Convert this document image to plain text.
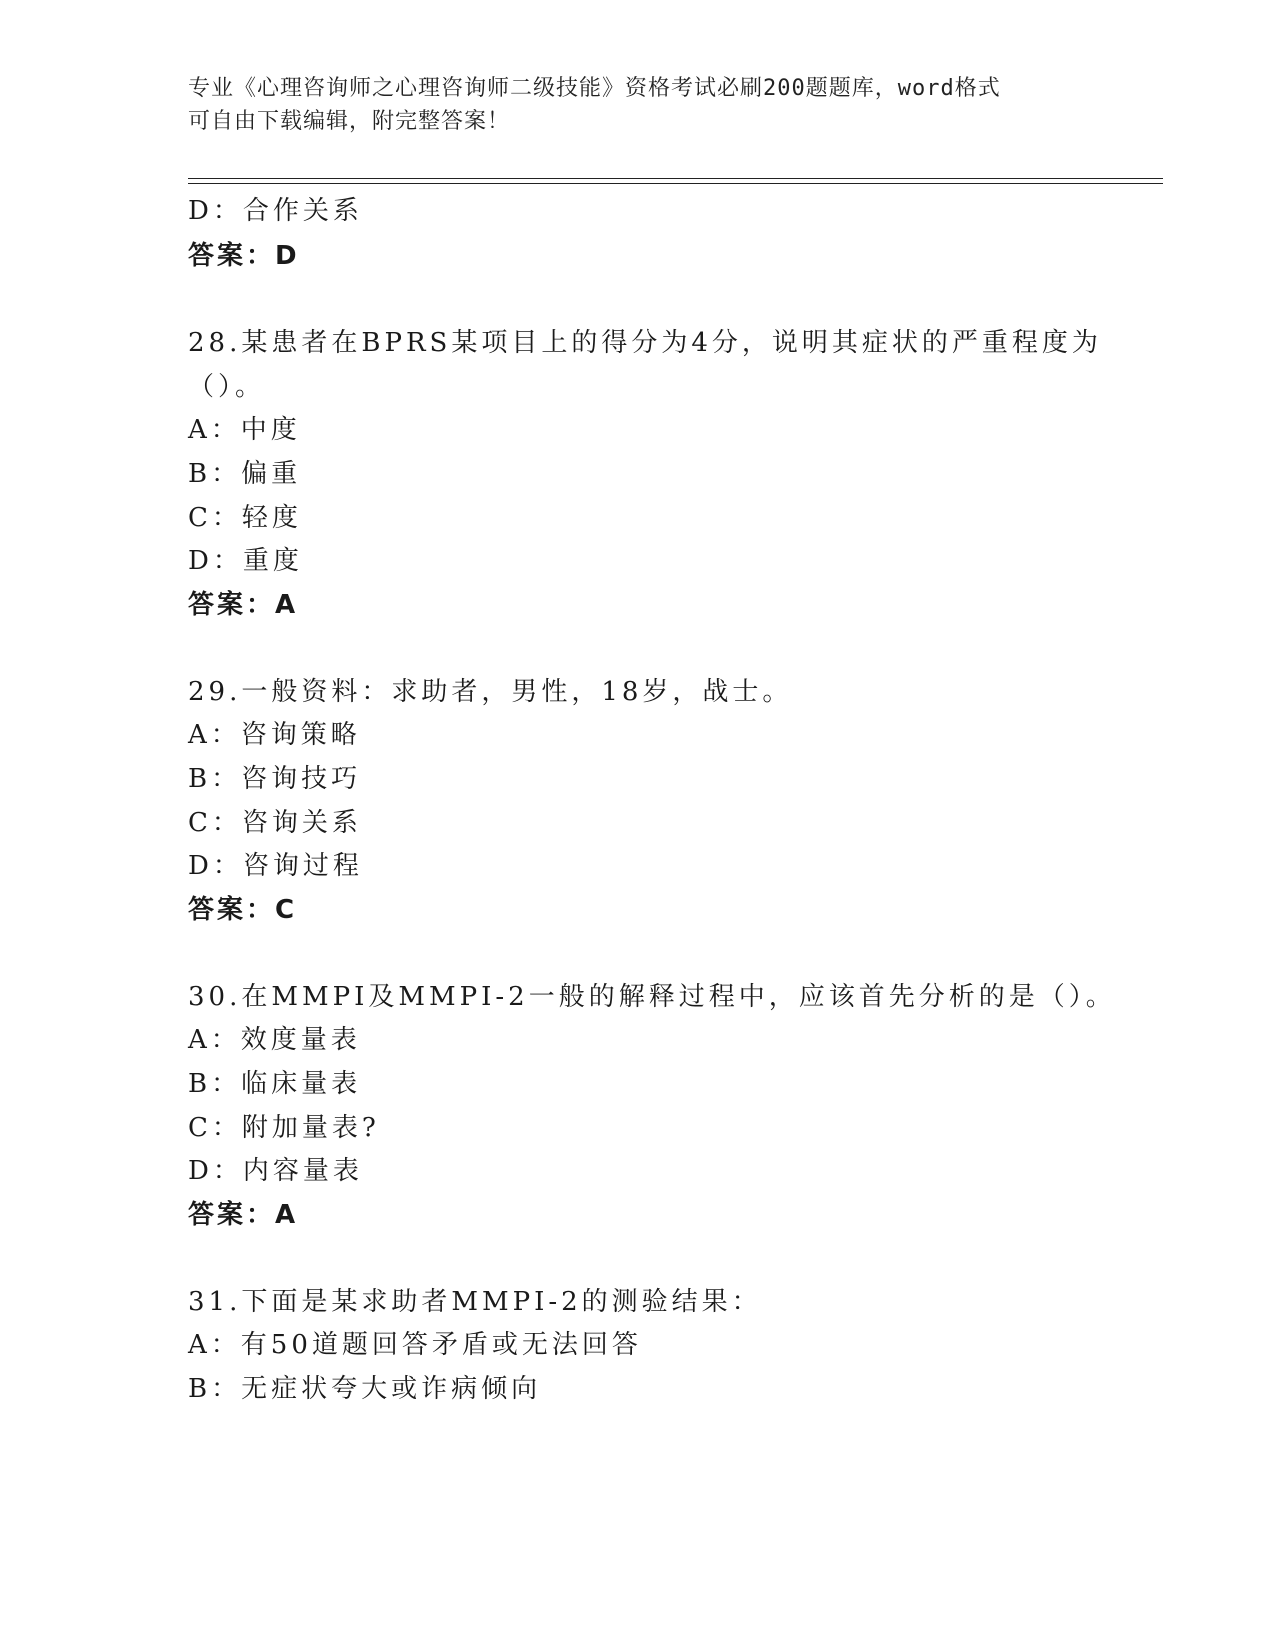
专业《心理咨询师之心理咨询师二级技能》资格考试必刷200题题库，word格式
可自由下载编辑，附完整答案！
D：合作关系
答案：D
28.某患者在BPRS某项目上的得分为4分，说明其症状的严重程度为
（）。
A：中度
B：偏重
C：轻度
D：重度
答案：A
29.一般资料：求助者，男性，18岁，战士。
A：咨询策略
B：咨询技巧
C：咨询关系
D：咨询过程
答案：C
30.在MMPI及MMPI-2一般的解释过程中，应该首先分析的是（）。
A：效度量表
B：临床量表
C：附加量表?
D：内容量表
答案：A
31.下面是某求助者MMPI-2的测验结果：
A：有50道题回答矛盾或无法回答
B：无症状夸大或诈病倾向
